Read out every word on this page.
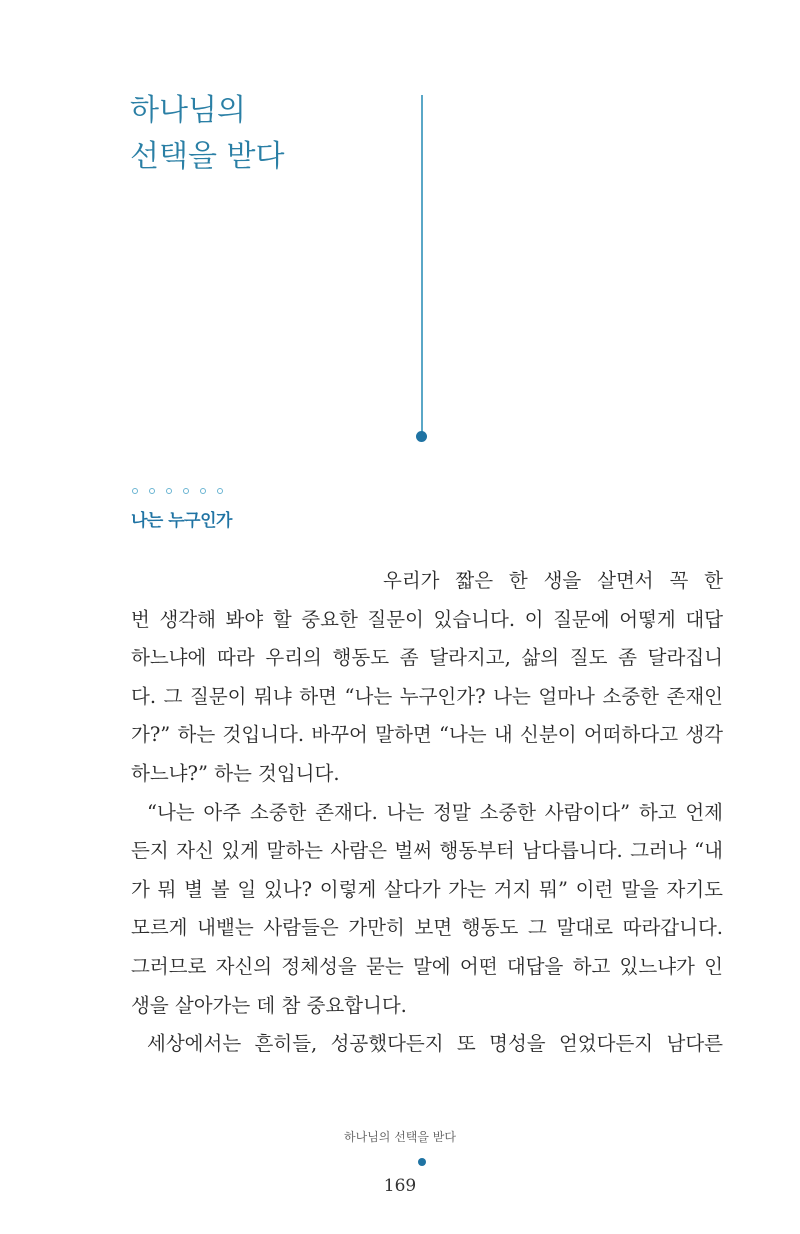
하나님의
선택을 받다
나는 누구인가
우리가 짧은 한 생을 살면서 꼭 한
번 생각해 봐야 할 중요한 질문이 있습니다. 이 질문에 어떻게 대답
하느냐에 따라 우리의 행동도 좀 달라지고, 삶의 질도 좀 달라집니
다. 그 질문이 뭐냐 하면 “나는 누구인가? 나는 얼마나 소중한 존재인
가?” 하는 것입니다. 바꾸어 말하면 “나는 내 신분이 어떠하다고 생각
하느냐?” 하는 것입니다.
“나는 아주 소중한 존재다. 나는 정말 소중한 사람이다” 하고 언제
든지 자신 있게 말하는 사람은 벌써 행동부터 남다릅니다. 그러나 “내
가 뭐 별 볼 일 있나? 이렇게 살다가 가는 거지 뭐” 이런 말을 자기도
모르게 내뱉는 사람들은 가만히 보면 행동도 그 말대로 따라갑니다.
그러므로 자신의 정체성을 묻는 말에 어떤 대답을 하고 있느냐가 인
생을 살아가는 데 참 중요합니다.
세상에서는 흔히들, 성공했다든지 또 명성을 얻었다든지 남다른
하나님의 선택을 받다
169
